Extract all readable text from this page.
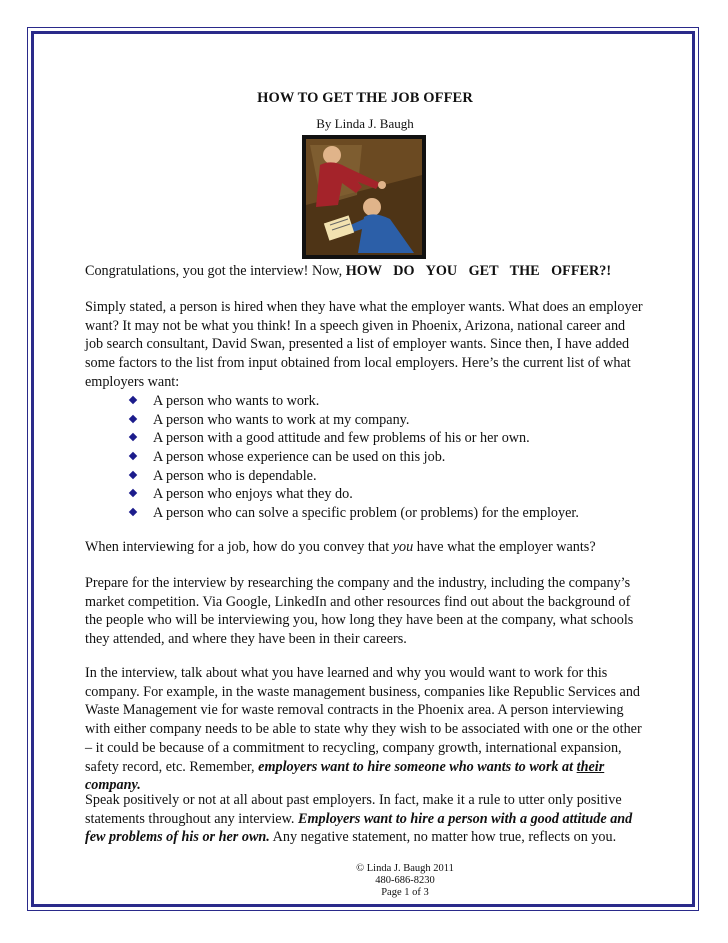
HOW TO GET THE JOB OFFER
By Linda J. Baugh

Congratulations, you got the interview! Now, HOW DO YOU GET THE OFFER?!

Simply stated, a person is hired when they have what the employer wants. What does an employer want? It may not be what you think! In a speech given in Phoenix, Arizona, national career and job search consultant, David Swan, presented a list of employer wants. Since then, I have added some factors to the list from input obtained from local employers. Here’s the current list of what employers want:

A person who wants to work.
A person who wants to work at my company.
A person with a good attitude and few problems of his or her own.
A person whose experience can be used on this job.
A person who is dependable.
A person who enjoys what they do.
A person who can solve a specific problem (or problems) for the employer.

When interviewing for a job, how do you convey that you have what the employer wants?

Prepare for the interview by researching the company and the industry, including the company’s market competition. Via Google, LinkedIn and other resources find out about the background of the people who will be interviewing you, how long they have been at the company, what schools they attended, and where they have been in their careers.

In the interview, talk about what you have learned and why you would want to work for this company. For example, in the waste management business, companies like Republic Services and Waste Management vie for waste removal contracts in the Phoenix area. A person interviewing with either company needs to be able to state why they wish to be associated with one or the other – it could be because of a commitment to recycling, company growth, international expansion, safety record, etc. Remember, employers want to hire someone who wants to work at their company.

Speak positively or not at all about past employers. In fact, make it a rule to utter only positive statements throughout any interview. Employers want to hire a person with a good attitude and few problems of his or her own. Any negative statement, no matter how true, reflects on you.

© Linda J. Baugh 2011
480-686-8230
Page 1 of 3
